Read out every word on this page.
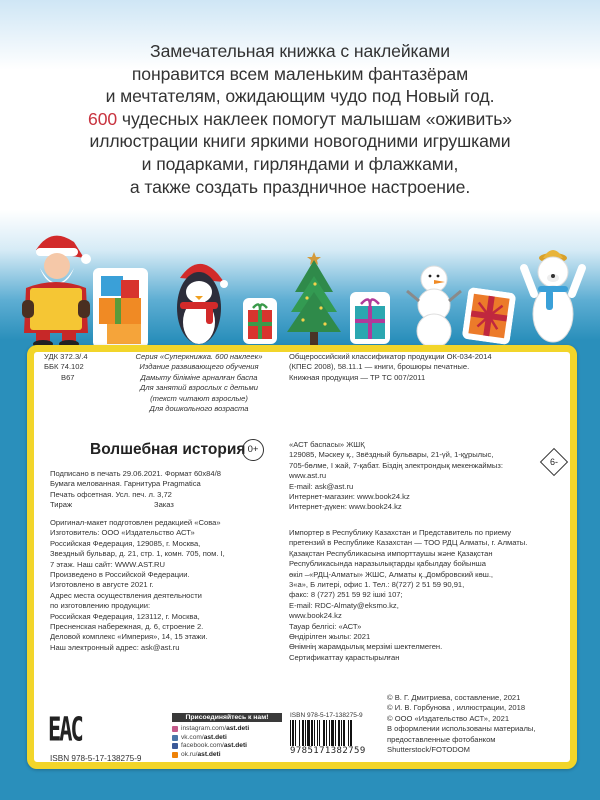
Замечательная книжка с наклейками
понравится всем маленьким фантазёрам
и мечтателям, ожидающим чудо под Новый год.
600 чудесных наклеек помогут малышам «оживить»
иллюстрации книги яркими новогодними игрушками
и подарками, гирляндами и флажками,
а также создать праздничное настроение.
УДК 372.3/.4
ББК 74.102
В67
Серия «Суперкнижка. 600 наклеек»
Издание развивающего обучения
Дамыту біліміне арналған баспа
Для занятий взрослых с детьми
(текст читают взрослые)
Для дошкольного возраста
Общероссийский классификатор продукции ОК-034-2014
(КПЕС 2008), 58.11.1 — книги, брошюры печатные.
Книжная продукция — ТР ТС 007/2011
Волшебная история 0+
Подписано в печать 29.06.2021. Формат 60x84/8
Бумага мелованная. Гарнитура Pragmatica
Печать офсетная. Усл. печ. л. 3,72
Тираж	Заказ
Оригинал-макет подготовлен редакцией «Сова»
Изготовитель: ООО «Издательство АСТ»
Российская Федерация, 129085, г. Москва,
Звездный бульвар, д. 21, стр. 1, комн. 705, пом. I,
7 этаж. Наш сайт: WWW.AST.RU
Произведено в Российской Федерации.
Изготовлено в августе 2021 г.
Адрес места осуществления деятельности
по изготовлению продукции:
Российская Федерация, 123112, г. Москва,
Пресненская набережная, д. 6, строение 2.
Деловой комплекс «Империя», 14, 15 этажи.
Наш электронный адрес: ask@ast.ru
«АСТ баспасы» ЖШҚ
129085, Мәскеу қ., Звёздный бульвары, 21-үй, 1-құрылыс,
705-бөлме, I жай, 7-қабат. Біздің электрондық мекенжаймыз:
www.ast.ru
E-mail: ask@ast.ru
Интернет-магазин: www.book24.kz
Интернет-дүкен: www.book24.kz
6-
Импортер в Республику Казахстан и Представитель по приему
претензий в Республике Казахстан — ТОО РДЦ Алматы, г. Алматы.
Қазақстан Республикасына импорттаушы және Қазақстан
Республикасында наразылықтарды қабылдау бойынша
өкіл –«РДЦ-Алматы» ЖШС, Алматы қ.,Домбровский көш.,
3«а», Б литері, офис 1. Тел.: 8(727) 2 51 59 90,91,
факс: 8 (727) 251 59 92 ішкі 107;
E-mail: RDC-Almaty@eksmo.kz,
www.book24.kz
Тауар белгісі: «АСТ»
Өндірілген жылы: 2021
Өнімнің жарамдылық мерзімі шектелмеген.
Сертификаттау қарастырылған
© В. Г. Дмитриева, составление, 2021
© И. В. Горбунова , иллюстрации, 2018
© ООО «Издательство АСТ», 2021
В оформлении использованы материалы,
предоставленные фотобанком
Shutterstock/FOTODOM
EAC
ISBN 978-5-17-138275-9
Присоединяйтесь к нам!
instagram.com/ ast.deti
vk.com/ ast.deti
facebook.com/ ast.deti
ok.ru/ ast.deti
ISBN 978-5-17-138275-9
9785171382759
